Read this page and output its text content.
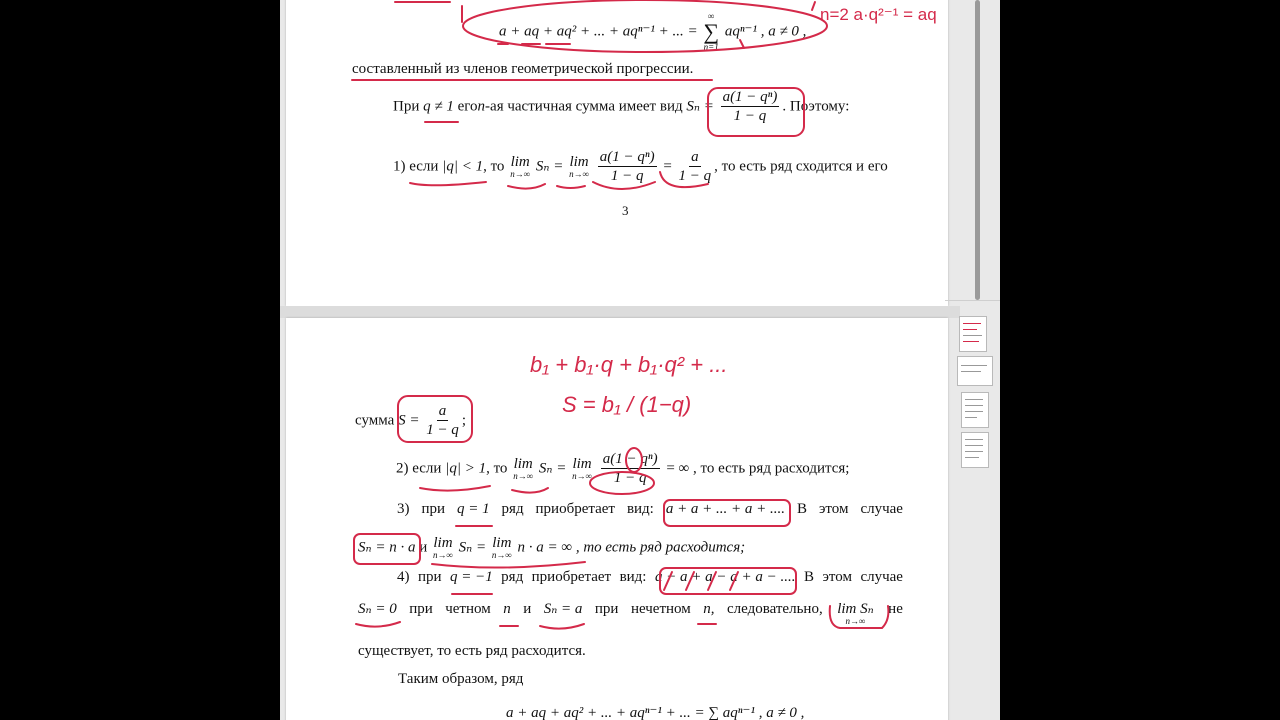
a + aq + aq² + ... + aqⁿ⁻¹ + ... =
∞
∑
n=1
aqⁿ⁻¹ , a ≠ 0 ,
составленный из членов геометрической прогрессии.
При q ≠ 1 егоn-ая частичная сумма имеет вид $S_n = \frac{\text{a(1 − qⁿ)}}{1 - q}$ . Поэтому:
1) если |q| < 1, то lim
n→∞ Sₙ = lim
n→∞
$\frac{\text{a(1 − qⁿ)}}{1 - q} = \frac{a}{1 - q}$ , то есть ряд сходится и его
3
сумма $S = \frac{a}{1 - q}$ ;
2) если |q| > 1, то lim
n→∞ Sₙ = lim
n→∞
$\frac{\text{a(1 − qⁿ)}}{1 - q}$ = ∞ , то есть ряд расходится;
3) при q = 1 ряд приобретает вид: a + a + ... + a + .... В этом случае
Sₙ = n · a и lim
n→∞ Sₙ = lim
n→∞ n · a = ∞ , то есть ряд расходится;
4) при q = −1 ряд приобретает вид: a − a + a − a + a − .... В этом случае
Sₙ = 0 при четном n и Sₙ = a при нечетном n, следовательно, lim Sₙ
n→∞
не
существует, то есть ряд расходится.
Таким образом, ряд
a + aq + aq² + ... + aqⁿ⁻¹ + ... = ∑ aqⁿ⁻¹ , a ≠ 0 ,
n=2 a·q²⁻¹ = aq
b₁ + b₁·q + b₁·q² + ...
S = b₁ / (1−q)
